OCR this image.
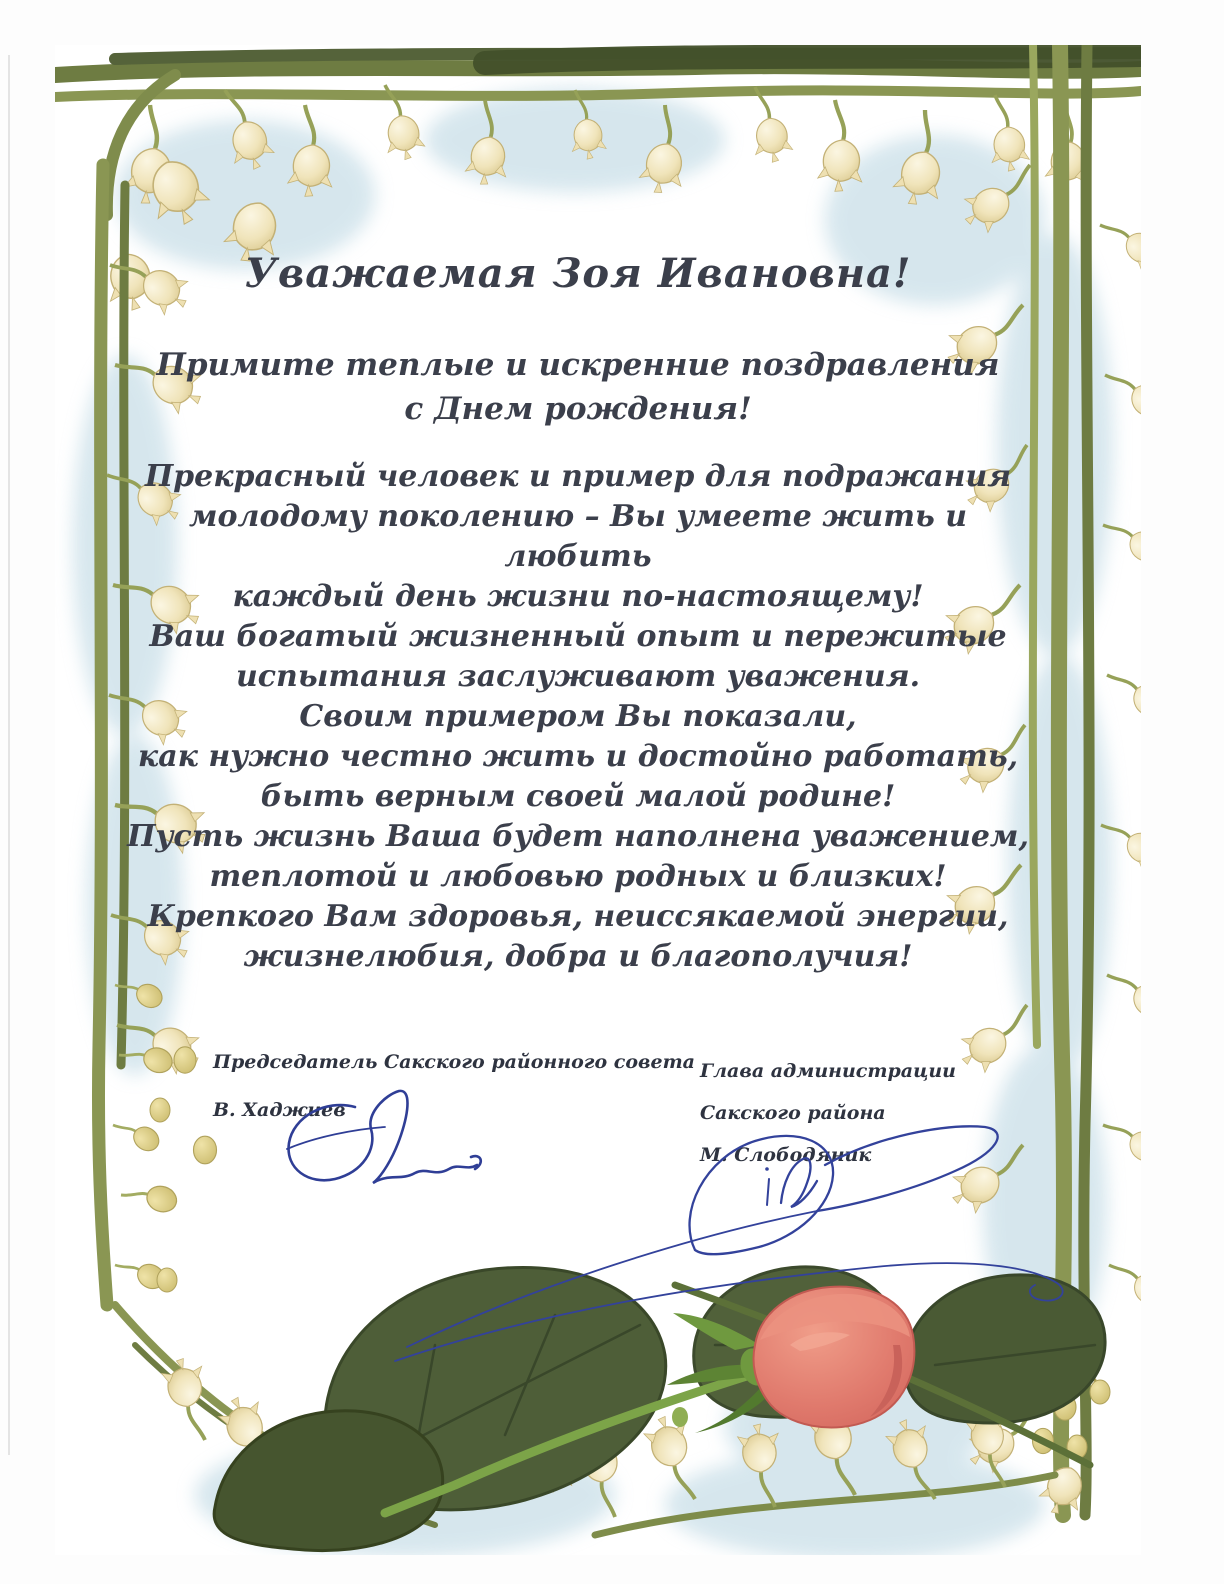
Уважаемая Зоя Ивановна!
Примите теплые и искренние поздравления
с Днем рождения!
Прекрасный человек и пример для подражания
молодому поколению – Вы умеете жить и любить
каждый день жизни по-настоящему!
Ваш богатый жизненный опыт и пережитые
испытания заслуживают уважения.
Своим примером Вы показали,
как нужно честно жить и достойно работать,
быть верным своей малой родине!
Пусть жизнь Ваша будет наполнена уважением,
теплотой и любовью родных и близких!
Крепкого Вам здоровья, неиссякаемой энергии,
жизнелюбия, добра и благополучия!
Председатель Сакского районного совета
В. Хаджиев
Глава администрации
Сакского района
М. Слободяник
